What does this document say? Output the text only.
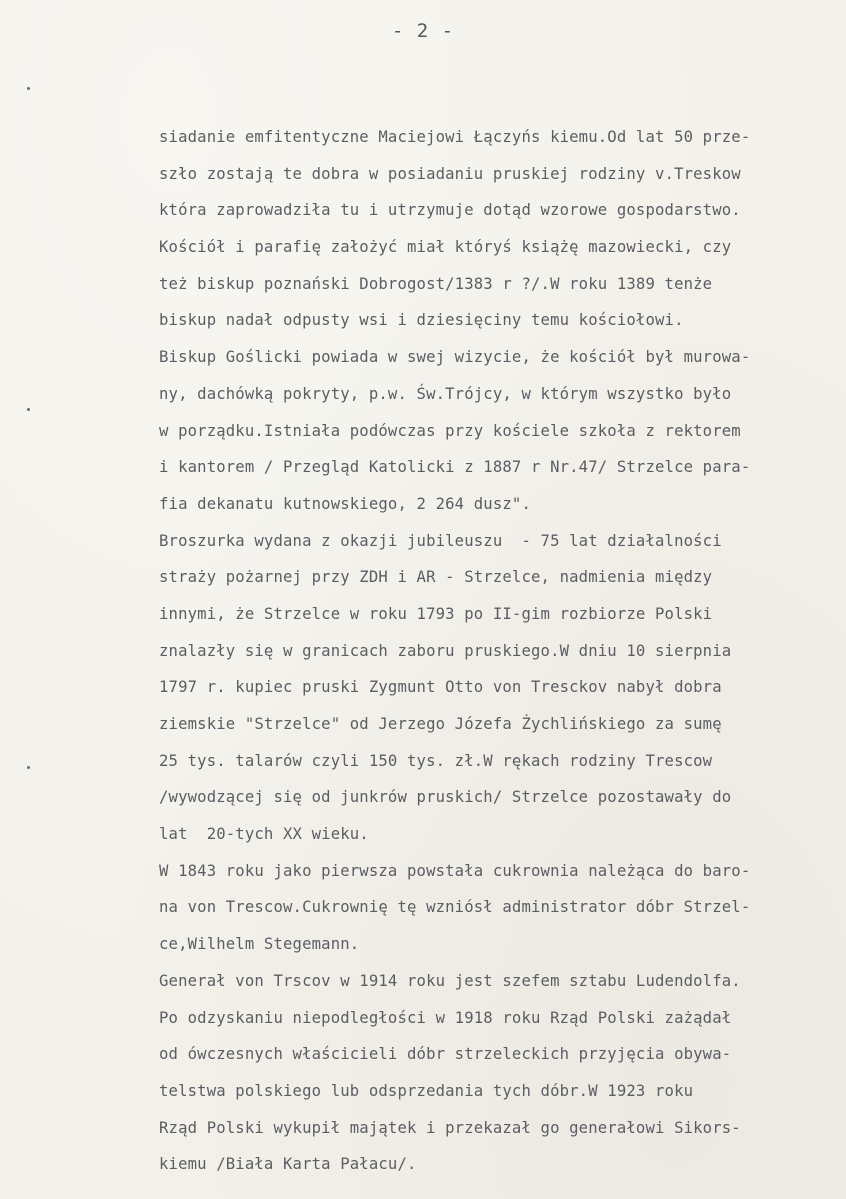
- 2 -
siadanie emfitentyczne Maciejowi Łączyńs kiemu.Od lat 50 prze-
szło zostają te dobra w posiadaniu pruskiej rodziny v.Treskow
która zaprowadziła tu i utrzymuje dotąd wzorowe gospodarstwo.
Kościół i parafię założyć miał któryś książę mazowiecki, czy
też biskup poznański Dobrogost/1383 r ?/.W roku 1389 tenże
biskup nadał odpusty wsi i dziesięciny temu kościołowi.
Biskup Goślicki powiada w swej wizycie, że kościół był murowa-
ny, dachówką pokryty, p.w. Św.Trójcy, w którym wszystko było
w porządku.Istniała podówczas przy kościele szkoła z rektorem
i kantorem / Przegląd Katolicki z 1887 r Nr.47/ Strzelce para-
fia dekanatu kutnowskiego, 2 264 dusz".
Broszurka wydana z okazji jubileuszu  - 75 lat działalności
straży pożarnej przy ZDH i AR - Strzelce, nadmienia między
innymi, że Strzelce w roku 1793 po II-gim rozbiorze Polski
znalazły się w granicach zaboru pruskiego.W dniu 10 sierpnia
1797 r. kupiec pruski Zygmunt Otto von Tresckov nabył dobra
ziemskie "Strzelce" od Jerzego Józefa Żychlińskiego za sumę
25 tys. talarów czyli 150 tys. zł.W rękach rodziny Trescow
/wywodzącej się od junkrów pruskich/ Strzelce pozostawały do
lat  20-tych XX wieku.
W 1843 roku jako pierwsza powstała cukrownia należąca do baro-
na von Trescow.Cukrownię tę wzniósł administrator dóbr Strzel-
ce,Wilhelm Stegemann.
Generał von Trscov w 1914 roku jest szefem sztabu Ludendolfa.
Po odzyskaniu niepodległości w 1918 roku Rząd Polski zażądał
od ówczesnych właścicieli dóbr strzeleckich przyjęcia obywa-
telstwa polskiego lub odsprzedania tych dóbr.W 1923 roku
Rząd Polski wykupił majątek i przekazał go generałowi Sikors-
kiemu /Biała Karta Pałacu/.
